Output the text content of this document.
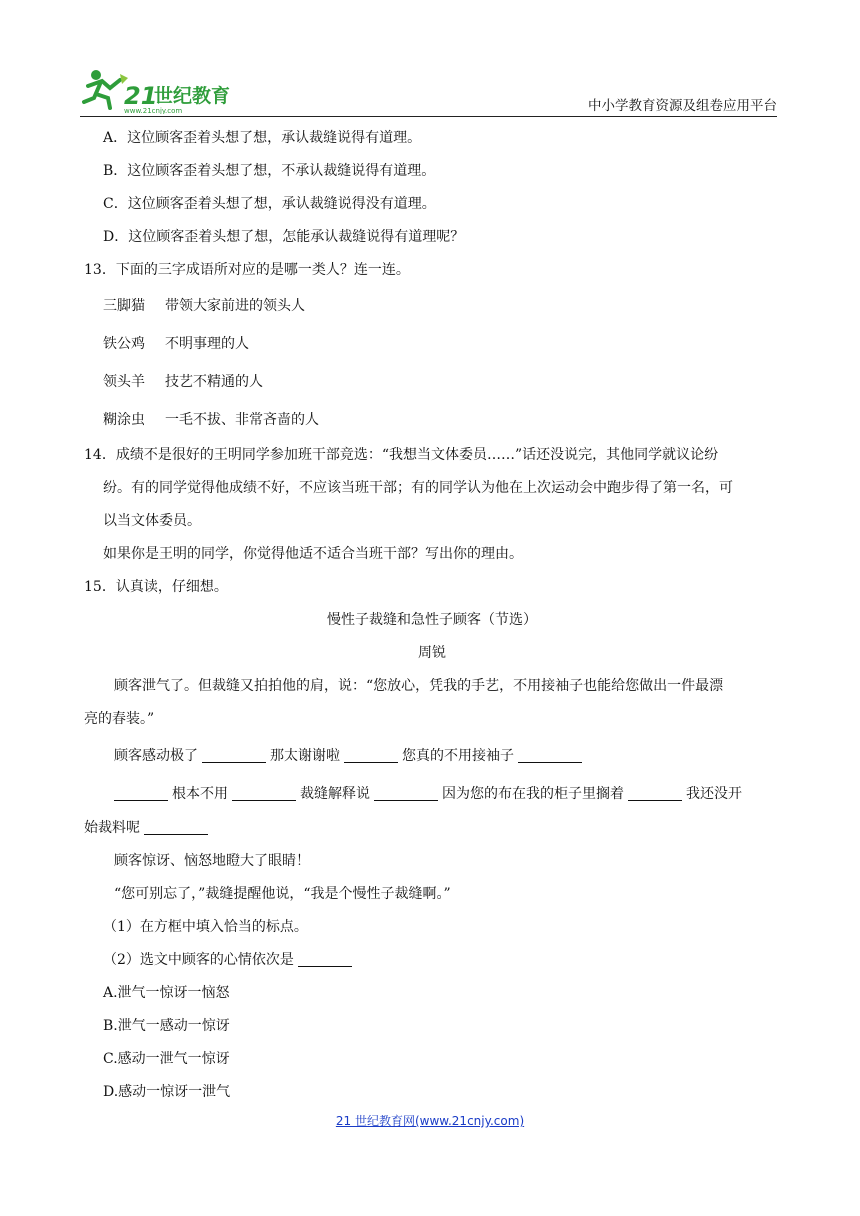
21
世纪教育
www.21cnjy.com	中小学教育资源及组卷应用平台
A．这位顾客歪着头想了想，承认裁缝说得有道理。
B．这位顾客歪着头想了想，不承认裁缝说得有道理。
C．这位顾客歪着头想了想，承认裁缝说得没有道理。
D．这位顾客歪着头想了想，怎能承认裁缝说得有道理呢？
13．下面的三字成语所对应的是哪一类人？连一连。
三脚猫 带领大家前进的领头人
铁公鸡 不明事理的人
领头羊 技艺不精通的人
糊涂虫 一毛不拔、非常吝啬的人
14．成绩不是很好的王明同学参加班干部竞选：“我想当文体委员……”话还没说完，其他同学就议论纷
纷。有的同学觉得他成绩不好，不应该当班干部；有的同学认为他在上次运动会中跑步得了第一名，可
以当文体委员。
如果你是王明的同学，你觉得他适不适合当班干部？写出你的理由。
15．认真读，仔细想。
慢性子裁缝和急性子顾客（节选）
周锐
顾客泄气了。但裁缝又拍拍他的肩，说：“您放心，凭我的手艺，不用接袖子也能给您做出一件最漂
亮的春装。”
顾客感动极了	那太谢谢啦	您真的不用接袖子
根本不用	裁缝解释说	因为您的布在我的柜子里搁着	我还没开
始裁料呢
顾客惊讶、恼怒地瞪大了眼睛！
“您可别忘了，”裁缝提醒他说，“我是个慢性子裁缝啊。”
（1）在方框中填入恰当的标点。
（2）选文中顾客的心情依次是
A.泄气一惊讶一恼怒
B.泄气一感动一惊讶
C.感动一泄气一惊讶
D.感动一惊讶一泄气
21 世纪教育网(www.21cnjy.com)
